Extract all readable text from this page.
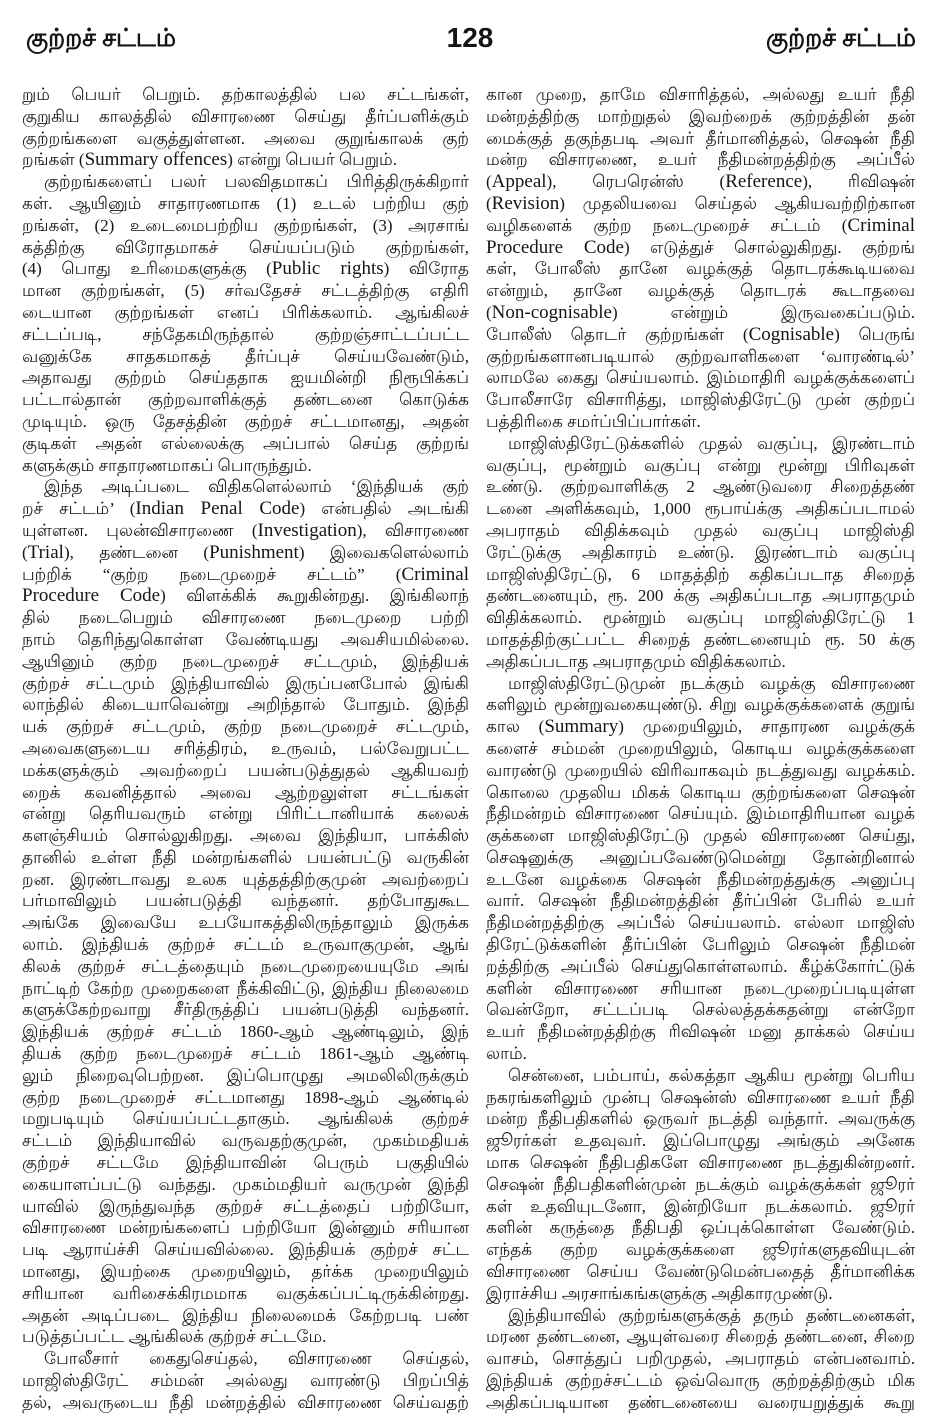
குற்றச் சட்டம்	128	குற்றச் சட்டம்
றும் பெயர் பெறும். தற்காலத்தில் பல சட்டங்கள்,
குறுகிய காலத்தில் விசாரணை செய்து தீர்ப்பளிக்கும்
குற்றங்களை வகுத்துள்ளன. அவை குறுங்காலக் குற்
றங்கள் (Summary offences) என்று பெயர் பெறும்.
குற்றங்களைப் பலர் பலவிதமாகப் பிரித்திருக்கிறார்
கள். ஆயினும் சாதாரணமாக (1) உடல் பற்றிய குற்
றங்கள், (2) உடைமைபற்றிய குற்றங்கள், (3) அரசாங்
கத்திற்கு விரோதமாகச் செய்யப்படும் குற்றங்கள்,
(4) பொது உரிமைகளுக்கு (Public rights) விரோத
மான குற்றங்கள், (5) சர்வதேசச் சட்டத்திற்கு எதிரி
டையான குற்றங்கள் எனப் பிரிக்கலாம். ஆங்கிலச்
சட்டப்படி, சந்தேகமிருந்தால் குற்றஞ்சாட்டப்பட்ட
வனுக்கே சாதகமாகத் தீர்ப்புச் செய்யவேண்டும்,
அதாவது குற்றம் செய்ததாக ஐயமின்றி நிரூபிக்கப்
பட்டால்தான் குற்றவாளிக்குத் தண்டனை கொடுக்க
முடியும். ஒரு தேசத்தின் குற்றச் சட்டமானது, அதன்
குடிகள் அதன் எல்லைக்கு அப்பால் செய்த குற்றங்
களுக்கும் சாதாரணமாகப் பொருந்தும்.
இந்த அடிப்படை விதிகளெல்லாம் ‘இந்தியக் குற்
றச் சட்டம்’ (Indian Penal Code) என்பதில் அடங்கி
யுள்ளன. புலன்விசாரணை (Investigation), விசாரணை
(Trial), தண்டனை (Punishment) இவைகளெல்லாம்
பற்றிக் “குற்ற நடைமுறைச் சட்டம்” (Criminal
Procedure Code) விளக்கிக் கூறுகின்றது. இங்கிலாந்
தில் நடைபெறும் விசாரணை நடைமுறை பற்றி
நாம் தெரிந்துகொள்ள வேண்டியது அவசியமில்லை.
ஆயினும் குற்ற நடைமுறைச் சட்டமும், இந்தியக்
குற்றச் சட்டமும் இந்தியாவில் இருப்பனபோல் இங்கி
லாந்தில் கிடையாவென்று அறிந்தால் போதும். இந்தி
யக் குற்றச் சட்டமும், குற்ற நடைமுறைச் சட்டமும்,
அவைகளுடைய சரித்திரம், உருவம், பல்வேறுபட்ட
மக்களுக்கும் அவற்றைப் பயன்படுத்துதல் ஆகியவற்
றைக் கவனித்தால் அவை ஆற்றலுள்ள சட்டங்கள்
என்று தெரியவரும் என்று பிரிட்டானியாக் கலைக்
களஞ்சியம் சொல்லுகிறது. அவை இந்தியா, பாக்கிஸ்
தானில் உள்ள நீதி மன்றங்களில் பயன்பட்டு வருகின்
றன. இரண்டாவது உலக யுத்தத்திற்குமுன் அவற்றைப்
பர்மாவிலும் பயன்படுத்தி வந்தனர். தற்போதுகூட
அங்கே இவையே உபயோகத்திலிருந்தாலும் இருக்க
லாம். இந்தியக் குற்றச் சட்டம் உருவாகுமுன், ஆங்
கிலக் குற்றச் சட்டத்தையும் நடைமுறையையுமே அங்
நாட்டிற் கேற்ற முறைகளை நீக்கிவிட்டு, இந்திய நிலைமை
களுக்கேற்றவாறு சீர்திருத்திப் பயன்படுத்தி வந்தனர்.
இந்தியக் குற்றச் சட்டம் 1860-ஆம் ஆண்டிலும், இந்
தியக் குற்ற நடைமுறைச் சட்டம் 1861-ஆம் ஆண்டி
லும் நிறைவுபெற்றன. இப்பொழுது அமலிலிருக்கும்
குற்ற நடைமுறைச் சட்டமானது 1898-ஆம் ஆண்டில்
மறுபடியும் செய்யப்பட்டதாகும். ஆங்கிலக் குற்றச்
சட்டம் இந்தியாவில் வருவதற்குமுன், முகம்மதியக்
குற்றச் சட்டமே இந்தியாவின் பெரும் பகுதியில்
கையாளப்பட்டு வந்தது. முகம்மதியர் வருமுன் இந்தி
யாவில் இருந்துவந்த குற்றச் சட்டத்தைப் பற்றியோ,
விசாரணை மன்றங்களைப் பற்றியோ இன்னும் சரியான
படி ஆராய்ச்சி செய்யவில்லை. இந்தியக் குற்றச் சட்ட
மானது, இயற்கை முறையிலும், தர்க்க முறையிலும்
சரியான வரிசைக்கிரமமாக வகுக்கப்பட்டிருக்கின்றது.
அதன் அடிப்படை இந்திய நிலைமைக் கேற்றபடி பண்
படுத்தப்பட்ட ஆங்கிலக் குற்றச் சட்டமே.
போலீசார் கைதுசெய்தல், விசாரணை செய்தல்,
மாஜிஸ்திரேட் சம்மன் அல்லது வாரண்டு பிறப்பித்
தல், அவருடைய நீதி மன்றத்தில் விசாரணை செய்வதற்
கான முறை, தாமே விசாரித்தல், அல்லது உயர் நீதி
மன்றத்திற்கு மாற்றுதல் இவற்றைக் குற்றத்தின் தன்
மைக்குத் தகுந்தபடி அவர் தீர்மானித்தல், செஷன் நீதி
மன்ற விசாரணை, உயர் நீதிமன்றத்திற்கு அப்பீல்
(Appeal), ரெபரென்ஸ் (Reference), ரிவிஷன்
(Revision) முதலியவை செய்தல் ஆகியவற்றிற்கான
வழிகளைக் குற்ற நடைமுறைச் சட்டம் (Criminal
Procedure Code) எடுத்துச் சொல்லுகிறது. குற்றங்
கள், போலீஸ் தானே வழக்குத் தொடரக்கூடியவை
என்றும், தானே வழக்குத் தொடரக் கூடாதவை
(Non-cognisable) என்றும் இருவகைப்படும்.
போலீஸ் தொடர் குற்றங்கள் (Cognisable) பெருங்
குற்றங்களானபடியால் குற்றவாளிகளை ‘வாரண்டில்’
லாமலே கைது செய்யலாம். இம்மாதிரி வழக்குக்களைப்
போலீசாரே விசாரித்து, மாஜிஸ்திரேட்டு முன் குற்றப்
பத்திரிகை சமர்ப்பிப்பார்கள்.
மாஜிஸ்திரேட்டுக்களில் முதல் வகுப்பு, இரண்டாம்
வகுப்பு, மூன்றும் வகுப்பு என்று மூன்று பிரிவுகள்
உண்டு. குற்றவாளிக்கு 2 ஆண்டுவரை சிறைத்தண்
டனை அளிக்கவும், 1,000 ரூபாய்க்கு அதிகப்படாமல்
அபராதம் விதிக்கவும் முதல் வகுப்பு மாஜிஸ்தி
ரேட்டுக்கு அதிகாரம் உண்டு. இரண்டாம் வகுப்பு
மாஜிஸ்திரேட்டு, 6 மாதத்திற் கதிகப்படாத சிறைத்
தண்டனையும், ரூ. 200 க்கு அதிகப்படாத அபராதமும்
விதிக்கலாம். மூன்றும் வகுப்பு மாஜிஸ்திரேட்டு 1
மாதத்திற்குட்பட்ட சிறைத் தண்டனையும் ரூ. 50 க்கு
அதிகப்படாத அபராதமும் விதிக்கலாம்.
மாஜிஸ்திரேட்டுமுன் நடக்கும் வழக்கு விசாரணை
களிலும் மூன்றுவகையுண்டு. சிறு வழக்குக்களைக் குறுங்
கால (Summary) முறையிலும், சாதாரண வழக்குக்
களைச் சம்மன் முறையிலும், கொடிய வழக்குக்களை
வாரண்டு முறையில் விரிவாகவும் நடத்துவது வழக்கம்.
கொலை முதலிய மிகக் கொடிய குற்றங்களை செஷன்
நீதிமன்றம் விசாரணை செய்யும். இம்மாதிரியான வழக்
குக்களை மாஜிஸ்திரேட்டு முதல் விசாரணை செய்து,
செஷனுக்கு அனுப்பவேண்டுமென்று தோன்றினால்
உடனே வழக்கை செஷன் நீதிமன்றத்துக்கு அனுப்பு
வார். செஷன் நீதிமன்றத்தின் தீர்ப்பின் பேரில் உயர்
நீதிமன்றத்திற்கு அப்பீல் செய்யலாம். எல்லா மாஜிஸ்
திரேட்டுக்களின் தீர்ப்பின் பேரிலும் செஷன் நீதிமன்
றத்திற்கு அப்பீல் செய்துகொள்ளலாம். கீழ்க்கோர்ட்டுக்
களின் விசாரணை சரியான நடைமுறைப்படியுள்ள
வென்றோ, சட்டப்படி செல்லத்தக்கதன்று என்றோ
உயர் நீதிமன்றத்திற்கு ரிவிஷன் மனு தாக்கல் செய்ய
லாம்.
சென்னை, பம்பாய், கல்கத்தா ஆகிய மூன்று பெரிய
நகரங்களிலும் முன்பு செஷன்ஸ் விசாரணை உயர் நீதி
மன்ற நீதிபதிகளில் ஒருவர் நடத்தி வந்தார். அவருக்கு
ஜூரர்கள் உதவுவர். இப்பொழுது அங்கும் அனேக
மாக செஷன் நீதிபதிகளே விசாரணை நடத்துகின்றனர்.
செஷன் நீதிபதிகளின்முன் நடக்கும் வழக்குக்கள் ஜூரர்
கள் உதவியுடனோ, இன்றியோ நடக்கலாம். ஜூரர்
களின் கருத்தை நீதிபதி ஒப்புக்கொள்ள வேண்டும்.
எந்தக் குற்ற வழக்குக்களை ஜூரர்களுதவியுடன்
விசாரணை செய்ய வேண்டுமென்பதைத் தீர்மானிக்க
இராச்சிய அரசாங்கங்களுக்கு அதிகாரமுண்டு.
இந்தியாவில் குற்றங்களுக்குத் தரும் தண்டனைகள்,
மரண தண்டனை, ஆயுள்வரை சிறைத் தண்டனை, சிறை
வாசம், சொத்துப் பறிமுதல், அபராதம் என்பனவாம்.
இந்தியக் குற்றச்சட்டம் ஒவ்வொரு குற்றத்திற்கும் மிக
அதிகப்படியான தண்டனையை வரையறுத்துக் கூறு
